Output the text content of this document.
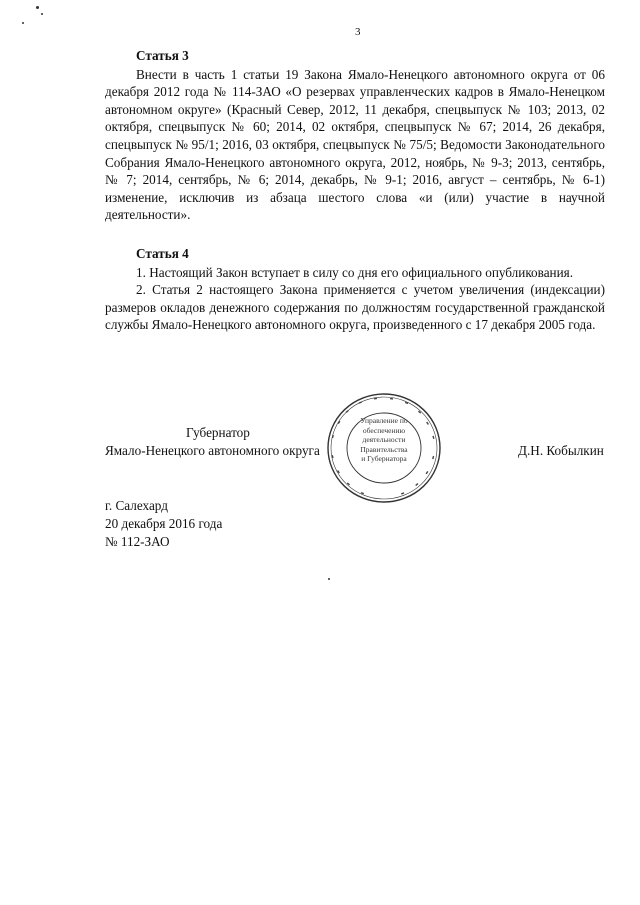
3
Статья 3

Внести в часть 1 статьи 19 Закона Ямало-Ненецкого автономного округа от 06 декабря 2012 года № 114-ЗАО «О резервах управленческих кадров в Ямало-Ненецком автономном округе» (Красный Север, 2012, 11 декабря, спецвыпуск № 103; 2013, 02 октября, спецвыпуск № 60; 2014, 02 октября, спецвыпуск № 67; 2014, 26 декабря, спецвыпуск № 95/1; 2016, 03 октября, спецвыпуск № 75/5; Ведомости Законодательного Собрания Ямало-Ненецкого автономного округа, 2012, ноябрь, № 9-3; 2013, сентябрь, № 7; 2014, сентябрь, № 6; 2014, декабрь, № 9-1; 2016, август – сентябрь, № 6-1) изменение, исключив из абзаца шестого слова «и (или) участие в научной деятельности».

Статья 4

1. Настоящий Закон вступает в силу со дня его официального опубликования.

2. Статья 2 настоящего Закона применяется с учетом увеличения (индексации) размеров окладов денежного содержания по должностям государственной гражданской службы Ямало-Ненецкого автономного округа, произведенного с 17 декабря 2005 года.

Губернатор
Ямало-Ненецкого автономного округа	Д.Н. Кобылкин
Управление по
обеспечению
деятельности
Правительства
и Губернатора
г. Салехард
20 декабря 2016 года
№ 112-ЗАО
